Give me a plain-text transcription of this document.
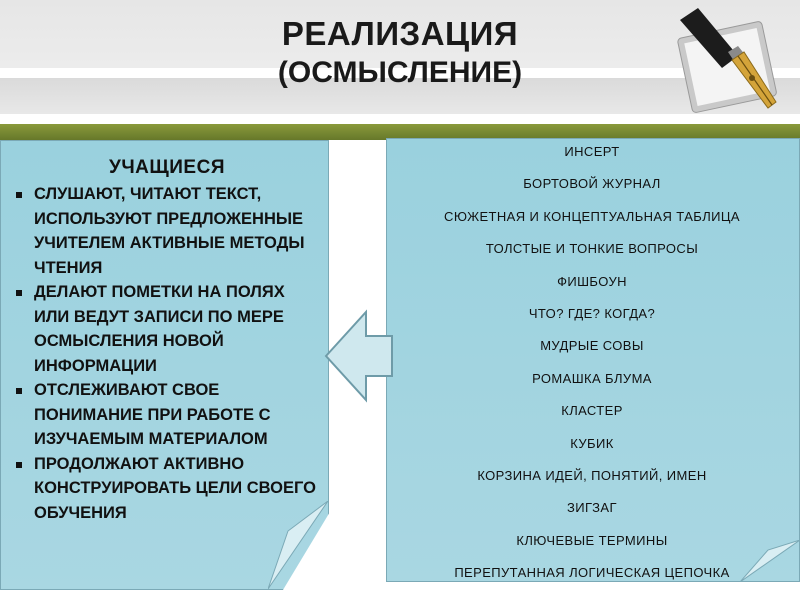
РЕАЛИЗАЦИЯ
(ОСМЫСЛЕНИЕ)
УЧАЩИЕСЯ
СЛУШАЮТ, ЧИТАЮТ ТЕКСТ, ИСПОЛЬЗУЮТ ПРЕДЛОЖЕННЫЕ УЧИТЕЛЕМ АКТИВНЫЕ МЕТОДЫ ЧТЕНИЯ
ДЕЛАЮТ ПОМЕТКИ НА ПОЛЯХ ИЛИ ВЕДУТ ЗАПИСИ ПО МЕРЕ ОСМЫСЛЕНИЯ НОВОЙ ИНФОРМАЦИИ
ОТСЛЕЖИВАЮТ СВОЕ ПОНИМАНИЕ ПРИ РАБОТЕ С ИЗУЧАЕМЫМ МАТЕРИАЛОМ
ПРОДОЛЖАЮТ АКТИВНО КОНСТРУИРОВАТЬ ЦЕЛИ СВОЕГО ОБУЧЕНИЯ
ИНСЕРТ
БОРТОВОЙ ЖУРНАЛ
СЮЖЕТНАЯ И КОНЦЕПТУАЛЬНАЯ ТАБЛИЦА
ТОЛСТЫЕ И ТОНКИЕ ВОПРОСЫ
ФИШБОУН
ЧТО? ГДЕ? КОГДА?
МУДРЫЕ СОВЫ
РОМАШКА БЛУМА
КЛАСТЕР
КУБИК
КОРЗИНА ИДЕЙ, ПОНЯТИЙ, ИМЕН
ЗИГЗАГ
КЛЮЧЕВЫЕ ТЕРМИНЫ
ПЕРЕПУТАННАЯ ЛОГИЧЕСКАЯ ЦЕПОЧКА
